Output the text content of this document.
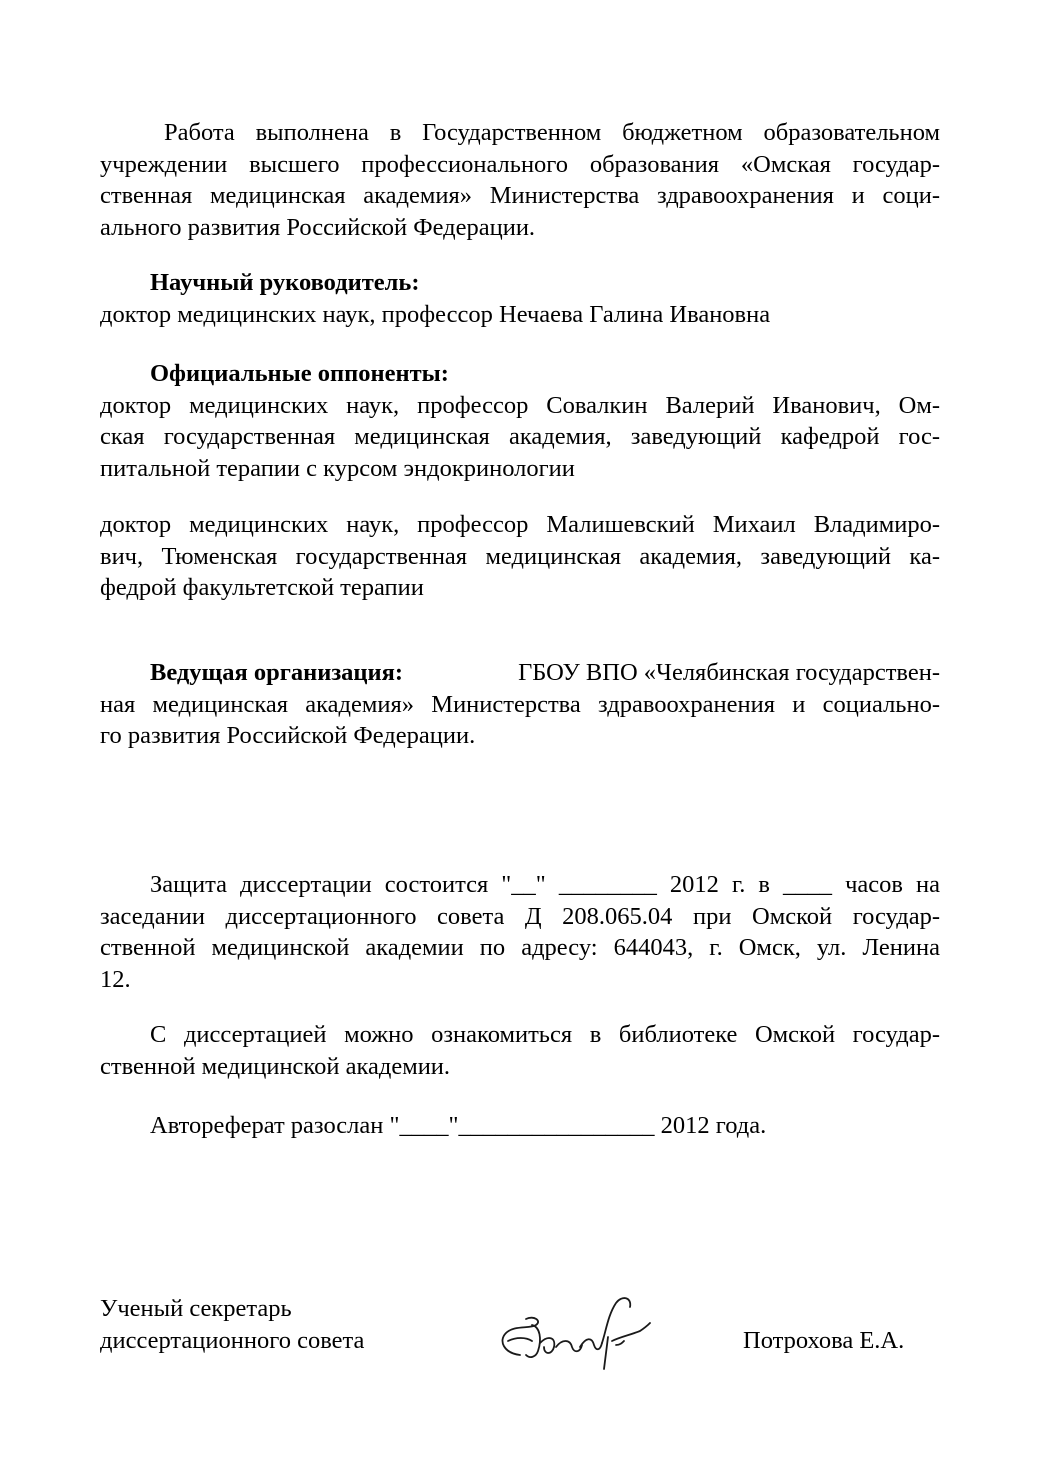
Работа выполнена в Государственном бюджетном образовательном
учреждении высшего профессионального образования «Омская государ-
ственная медицинская академия» Министерства здравоохранения и соци-
ального развития Российской Федерации.
Научный руководитель:
доктор медицинских наук, профессор Нечаева Галина Ивановна
Официальные оппоненты:
доктор медицинских наук, профессор Совалкин Валерий Иванович, Ом-
ская государственная медицинская академия, заведующий кафедрой гос-
питальной терапии с курсом эндокринологии
доктор медицинских наук, профессор Малишевский Михаил Владимиро-
вич, Тюменская государственная медицинская академия, заведующий ка-
федрой факультетской терапии
Ведущая организация:	ГБОУ ВПО «Челябинская государствен-
ная медицинская академия» Министерства здравоохранения и социально-
го развития Российской Федерации.
Защита диссертации состоится "__" ________ 2012 г. в ____ часов на
заседании диссертационного совета Д 208.065.04 при Омской государ-
ственной медицинской академии по адресу: 644043, г. Омск, ул. Ленина
12.
С диссертацией можно ознакомиться в библиотеке Омской государ-
ственной медицинской академии.
Автореферат разослан "____"________________ 2012 года.
Ученый секретарь
диссертационного совета	Потрохова Е.А.
